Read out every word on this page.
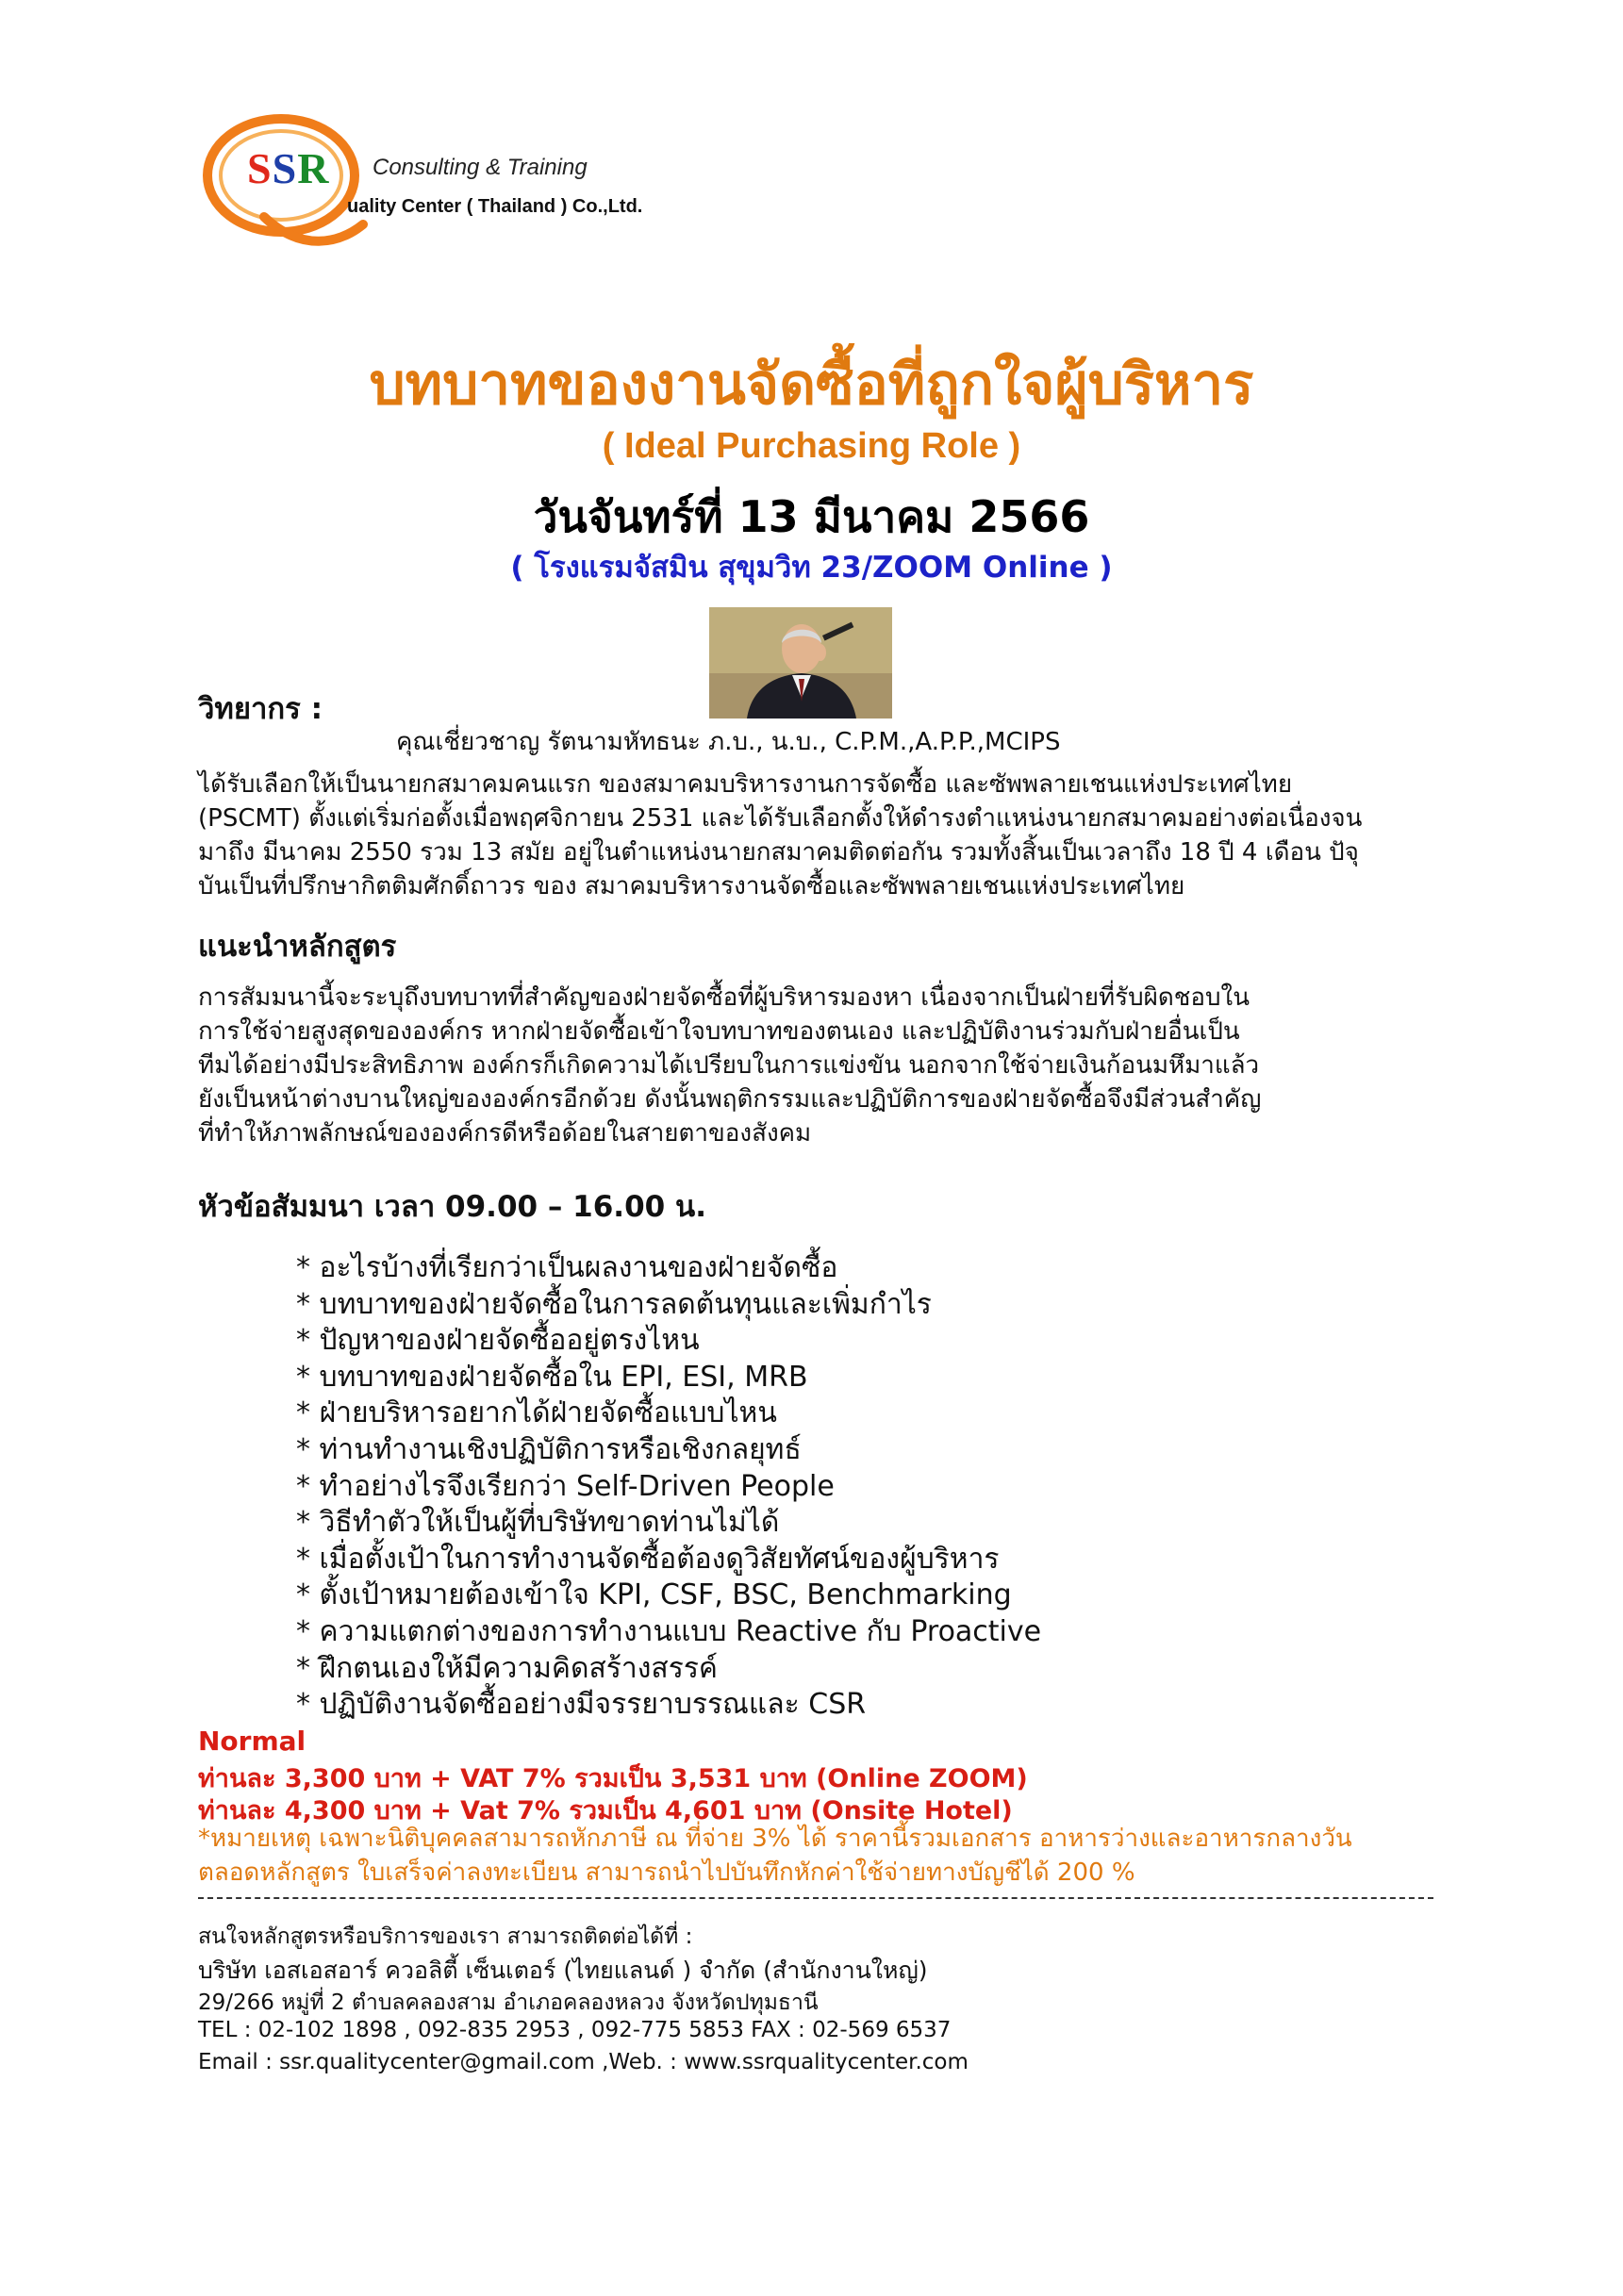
SSR Consulting & Training
uality Center ( Thailand ) Co.,Ltd.
บทบาทของงานจัดซื้อที่ถูกใจผู้บริหาร
( Ideal Purchasing Role )
วันจันทร์ที่ 13 มีนาคม 2566
( โรงแรมจัสมิน สุขุมวิท 23/ZOOM Online )
วิทยากร :
คุณเชี่ยวชาญ รัตนามหัทธนะ ภ.บ., น.บ., C.P.M.,A.P.P.,MCIPS
ได้รับเลือกให้เป็นนายกสมาคมคนแรก ของสมาคมบริหารงานการจัดซื้อ และซัพพลายเชนแห่งประเทศไทย
(PSCMT) ตั้งแต่เริ่มก่อตั้งเมื่อพฤศจิกายน 2531 และได้รับเลือกตั้งให้ดำรงตำแหน่งนายกสมาคมอย่างต่อเนื่องจน
มาถึง มีนาคม 2550 รวม 13 สมัย อยู่ในตำแหน่งนายกสมาคมติดต่อกัน รวมทั้งสิ้นเป็นเวลาถึง 18 ปี 4 เดือน ปัจุ
บันเป็นที่ปรึกษากิตติมศักดิ์ถาวร ของ สมาคมบริหารงานจัดซื้อและซัพพลายเชนแห่งประเทศไทย
แนะนำหลักสูตร
การสัมมนานี้จะระบุถึงบทบาทที่สำคัญของฝ่ายจัดซื้อที่ผู้บริหารมองหา เนื่องจากเป็นฝ่ายที่รับผิดชอบใน
การใช้จ่ายสูงสุดขององค์กร หากฝ่ายจัดซื้อเข้าใจบทบาทของตนเอง และปฏิบัติงานร่วมกับฝ่ายอื่นเป็น
ทีมได้อย่างมีประสิทธิภาพ องค์กรก็เกิดความได้เปรียบในการแข่งขัน นอกจากใช้จ่ายเงินก้อนมหึมาแล้ว
ยังเป็นหน้าต่างบานใหญ่ขององค์กรอีกด้วย ดังนั้นพฤติกรรมและปฏิบัติการของฝ่ายจัดซื้อจึงมีส่วนสำคัญ
ที่ทำให้ภาพลักษณ์ขององค์กรดีหรือด้อยในสายตาของสังคม
หัวข้อสัมมนา เวลา 09.00 – 16.00 น.
* อะไรบ้างที่เรียกว่าเป็นผลงานของฝ่ายจัดซื้อ
* บทบาทของฝ่ายจัดซื้อในการลดต้นทุนและเพิ่มกำไร
* ปัญหาของฝ่ายจัดซื้ออยู่ตรงไหน
* บทบาทของฝ่ายจัดซื้อใน EPI, ESI, MRB
* ฝ่ายบริหารอยากได้ฝ่ายจัดซื้อแบบไหน
* ท่านทำงานเชิงปฏิบัติการหรือเชิงกลยุทธ์
* ทำอย่างไรจึงเรียกว่า Self-Driven People
* วิธีทำตัวให้เป็นผู้ที่บริษัทขาดท่านไม่ได้
* เมื่อตั้งเป้าในการทำงานจัดซื้อต้องดูวิสัยทัศน์ของผู้บริหาร
* ตั้งเป้าหมายต้องเข้าใจ KPI, CSF, BSC, Benchmarking
* ความแตกต่างของการทำงานแบบ Reactive กับ Proactive
* ฝึกตนเองให้มีความคิดสร้างสรรค์
* ปฏิบัติงานจัดซื้ออย่างมีจรรยาบรรณและ CSR
Normal
ท่านละ 3,300 บาท + VAT 7% รวมเป็น 3,531 บาท (Online ZOOM)
ท่านละ 4,300 บาท + Vat 7% รวมเป็น 4,601 บาท (Onsite Hotel)
*หมายเหตุ เฉพาะนิติบุคคลสามารถหักภาษี ณ ที่จ่าย 3% ได้ ราคานี้รวมเอกสาร อาหารว่างและอาหารกลางวัน
ตลอดหลักสูตร ใบเสร็จค่าลงทะเบียน สามารถนำไปบันทึกหักค่าใช้จ่ายทางบัญชีได้ 200 %
สนใจหลักสูตรหรือบริการของเรา สามารถติดต่อได้ที่ :
บริษัท เอสเอสอาร์ ควอลิตี้ เซ็นเตอร์ (ไทยแลนด์ ) จำกัด (สำนักงานใหญ่)
29/266 หมู่ที่ 2 ตำบลคลองสาม อำเภอคลองหลวง จังหวัดปทุมธานี
TEL : 02-102 1898 , 092-835 2953 , 092-775 5853 FAX : 02-569 6537
Email : ssr.qualitycenter@gmail.com ,Web. : www.ssrqualitycenter.com
